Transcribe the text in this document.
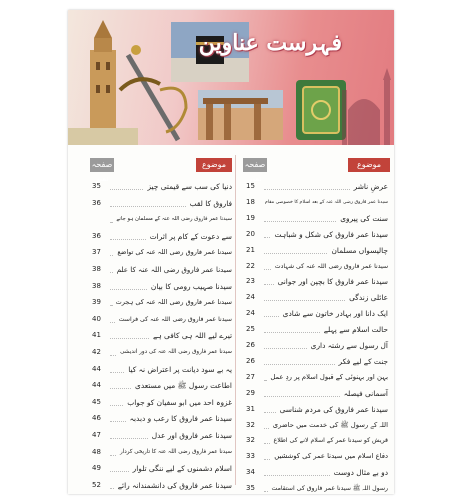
فہرست عناوین
موضوع
صفحہ نمبر
موضوع
صفحہ نمبر
15	عرضِ ناشر
18 سیدنا عمر فاروق رضی اللہ عنہ کے بعد اسلام کا خصوصی مقام
19	سنت کی پیروی
20	سیدنا عمر فاروق کی شکل و شباہت
21	چالیسواں مسلمان
22	سیدنا عمر فاروق رضی اللہ عنہ کی شہادت
23	سیدنا عمر فاروق کا بچپن اور جوانی
24	عائلی زندگی
24	ایک دانا اور بہادر خاتون سے شادی
25	حالت اسلام سے پہلے
26	آل رسول سے رشتہ داری
26	جنت کے لیے فکر
27 بہن اور بہنوئی کے قبول اسلام پر ردِ عمل
29	آسمانی فیصلہ
31	سیدنا عمر فاروق کی مردم شناسی
32	اللہ کے رسول ﷺ کی خدمت میں حاضری
32	قریش کو سیدنا عمر کے اسلام لانے کی اطلاع
33	دفاع اسلام میں سیدنا عمر کی کوششیں
34	دو بے مثال دوست
35	رسول اللہ ﷺ سیدنا عمر فاروق کی استقامت
35	دنیا کی سب سے قیمتی چیز
36	فاروق کا لقب
سیدنا عمر فاروق رضی اللہ عنہ کے مسلمان ہو جانے
36	سے دعوت کے کام پر اثرات
37	سیدنا عمر فاروق رضی اللہ عنہ کی تواضع
38 سیدنا عمر فاروق رضی اللہ عنہ کا علم
38	سیدنا صہیب رومی کا بیان
39 سیدنا عمر فاروق رضی اللہ عنہ کی ہجرت
40	سیدنا عمر فاروق رضی اللہ عنہ کی فراست
41	تیرے لیے اللہ ہی کافی ہے
42	سیدنا عمر فاروق رضی اللہ عنہ کی دور اندیشی
44	یہ بے سود دیانت پر اعتراض نہ کیا
44	اطاعت رسول ﷺ میں مستعدی
45	غزوہ احد میں ابو سفیان کو جواب
46	سیدنا عمر فاروق کا رعب و دبدبہ
47	سیدنا عمر فاروق اور عدل
48	سیدنا عمر فاروق رضی اللہ عنہ کا تاریخی کردار
49	اسلام دشمنوں کے لیے ننگی تلوار
52 سیدنا عمر فاروق کی دانشمندانہ رائے
